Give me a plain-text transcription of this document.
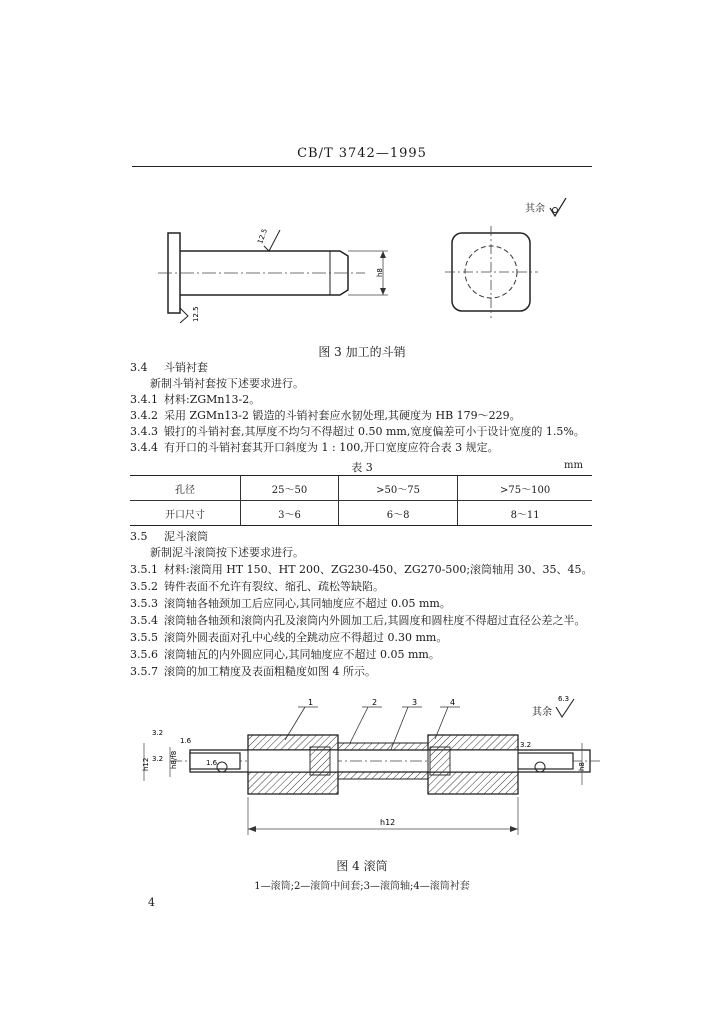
CB/T 3742—1995
其余
12.5
12.5
h8
图 3 加工的斗销
3.4 斗销衬套
新制斗销衬套按下述要求进行。
3.4.1 材料:ZGMn13-2。
3.4.2 采用 ZGMn13-2 锻造的斗销衬套应水韧处理,其硬度为 HB 179～229。
3.4.3 锻打的斗销衬套,其厚度不均匀不得超过 0.50 mm,宽度偏差可小于设计宽度的 1.5%。
3.4.4 有开口的斗销衬套其开口斜度为 1 : 100,开口宽度应符合表 3 规定。
表 3	mm
孔径	25～50	>50～75	>75～100
开口尺寸	3～6	6～8	8～11
3.5 泥斗滚筒
新制泥斗滚筒按下述要求进行。
3.5.1 材料:滚筒用 HT 150、HT 200、ZG230-450、ZG270-500;滚筒轴用 30、35、45。
3.5.2 铸件表面不允许有裂纹、缩孔、疏松等缺陷。
3.5.3 滚筒轴各轴颈加工后应同心,其同轴度应不超过 0.05 mm。
3.5.4 滚筒轴各轴颈和滚筒内孔及滚筒内外圆加工后,其圆度和圆柱度不得超过直径公差之半。
3.5.5 滚筒外圆表面对孔中心线的全跳动应不得超过 0.30 mm。
3.5.6 滚筒轴瓦的内外圆应同心,其同轴度应不超过 0.05 mm。
3.5.7 滚筒的加工精度及表面粗糙度如图 4 所示。
其余
6.3
1	2	3	4
3.2
1.6
3.2	1.6
3.2
h12	h8/f8	h8
h12
图 4 滚筒
1—滚筒;2—滚筒中间套;3—滚筒轴;4—滚筒衬套
4
